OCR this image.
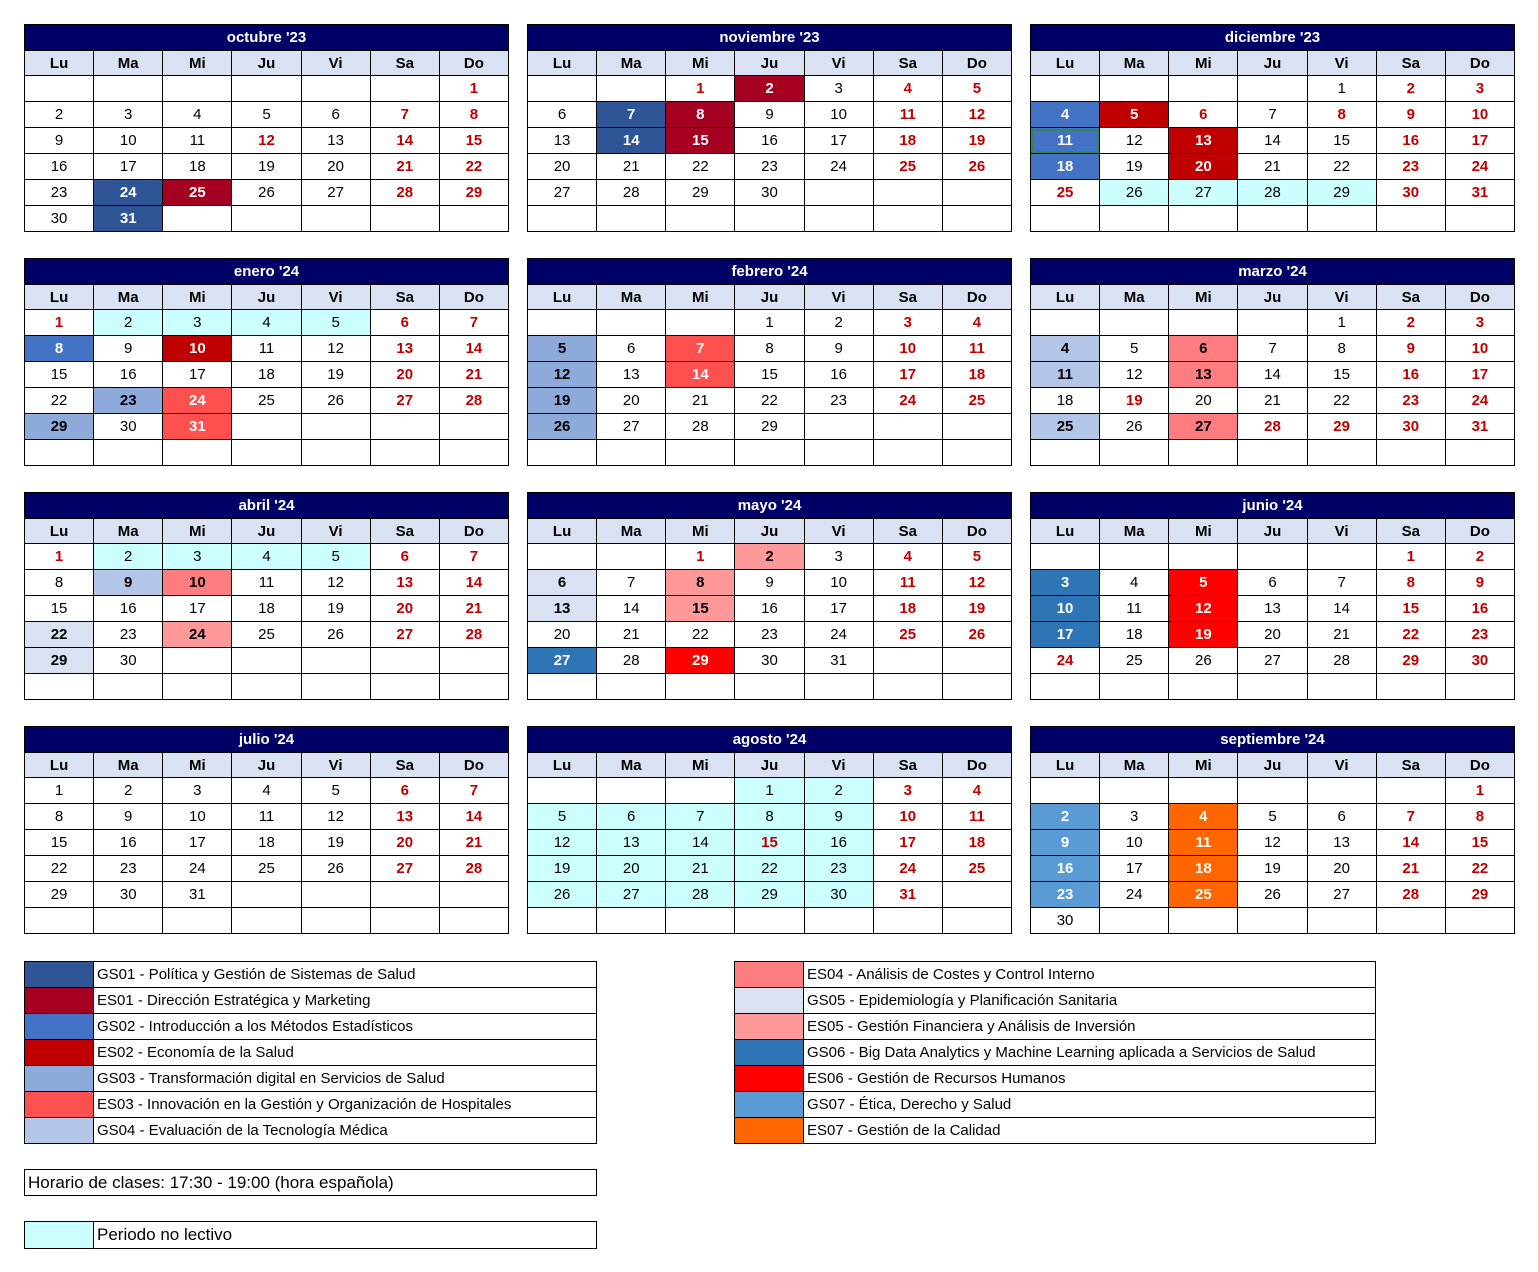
octubre '23
Lu	Ma	Mi	Ju	Vi	Sa	Do
						1
2	3	4	5	6	7	8
9	10	11	12	13	14	15
16	17	18	19	20	21	22
23	24	25	26	27	28	29
30	31					
noviembre '23
Lu	Ma	Mi	Ju	Vi	Sa	Do
		1	2	3	4	5
6	7	8	9	10	11	12
13	14	15	16	17	18	19
20	21	22	23	24	25	26
27	28	29	30			

diciembre '23
Lu	Ma	Mi	Ju	Vi	Sa	Do
				1	2	3
4	5	6	7	8	9	10
11	12	13	14	15	16	17
18	19	20	21	22	23	24
25	26	27	28	29	30	31

enero '24
Lu	Ma	Mi	Ju	Vi	Sa	Do
1	2	3	4	5	6	7
8	9	10	11	12	13	14
15	16	17	18	19	20	21
22	23	24	25	26	27	28
29	30	31				

febrero '24
Lu	Ma	Mi	Ju	Vi	Sa	Do
			1	2	3	4
5	6	7	8	9	10	11
12	13	14	15	16	17	18
19	20	21	22	23	24	25
26	27	28	29			

marzo '24
Lu	Ma	Mi	Ju	Vi	Sa	Do
				1	2	3
4	5	6	7	8	9	10
11	12	13	14	15	16	17
18	19	20	21	22	23	24
25	26	27	28	29	30	31

abril '24
Lu	Ma	Mi	Ju	Vi	Sa	Do
1	2	3	4	5	6	7
8	9	10	11	12	13	14
15	16	17	18	19	20	21
22	23	24	25	26	27	28
29	30					

mayo '24
Lu	Ma	Mi	Ju	Vi	Sa	Do
		1	2	3	4	5
6	7	8	9	10	11	12
13	14	15	16	17	18	19
20	21	22	23	24	25	26
27	28	29	30	31		

junio '24
Lu	Ma	Mi	Ju	Vi	Sa	Do
					1	2
3	4	5	6	7	8	9
10	11	12	13	14	15	16
17	18	19	20	21	22	23
24	25	26	27	28	29	30

julio '24
Lu	Ma	Mi	Ju	Vi	Sa	Do
1	2	3	4	5	6	7
8	9	10	11	12	13	14
15	16	17	18	19	20	21
22	23	24	25	26	27	28
29	30	31				

agosto '24
Lu	Ma	Mi	Ju	Vi	Sa	Do
			1	2	3	4
5	6	7	8	9	10	11
12	13	14	15	16	17	18
19	20	21	22	23	24	25
26	27	28	29	30	31	

septiembre '24
Lu	Ma	Mi	Ju	Vi	Sa	Do
						1
2	3	4	5	6	7	8
9	10	11	12	13	14	15
16	17	18	19	20	21	22
23	24	25	26	27	28	29
30						
	GS01 - Política y Gestión de Sistemas de Salud
	ES01 - Dirección Estratégica y Marketing
	GS02 - Introducción a los Métodos Estadísticos
	ES02 - Economía de la Salud
	GS03 - Transformación digital en Servicios de Salud
	ES03 - Innovación en la Gestión y Organización de Hospitales
	GS04 - Evaluación de la Tecnología Médica
	ES04 - Análisis de Costes y Control Interno
	GS05 - Epidemiología y Planificación Sanitaria
	ES05 - Gestión Financiera y Análisis de Inversión
	GS06 - Big Data Analytics y Machine Learning aplicada a Servicios de Salud
	ES06 - Gestión de Recursos Humanos
	GS07 - Ética, Derecho y Salud
	ES07 - Gestión de la Calidad
Horario de clases: 17:30 - 19:00 (hora española)
	Periodo no lectivo
